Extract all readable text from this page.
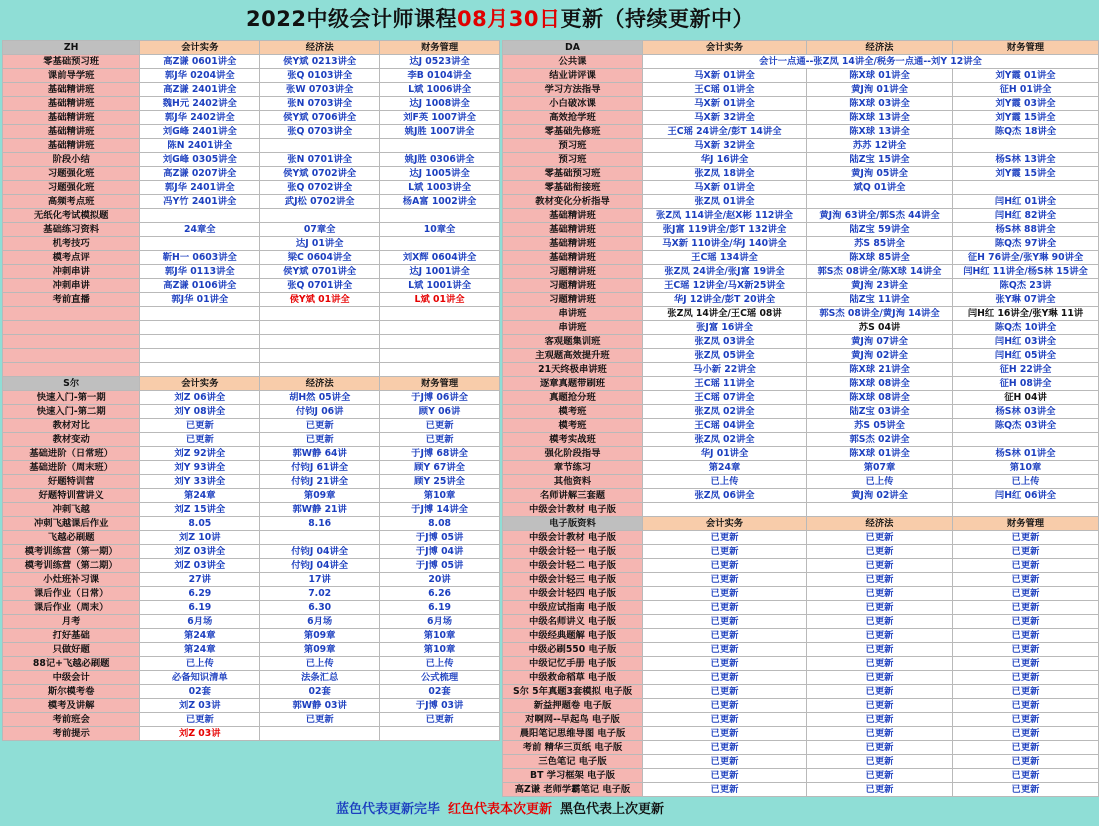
2022中级会计师课程08月30日更新（持续更新中）
ZH	会计实务	经济法	财务管理
零基础预习班	高Z谦 0601讲全	侯Y斌 0213讲全	达J 0523讲全
课前导学班	郭J华 0204讲全	张Q 0103讲全	李B 0104讲全
基础精讲班	高Z谦 2401讲全	张W 0703讲全	L斌 1006讲全
基础精讲班	魏H元 2402讲全	张N 0703讲全	达J 1008讲全
基础精讲班	郭J华 2402讲全	侯Y斌 0706讲全	刘F英 1007讲全
基础精讲班	刘G峰 2401讲全	张Q 0703讲全	姚J胜 1007讲全
基础精讲班	陈N 2401讲全		
阶段小结	刘G峰 0305讲全	张N 0701讲全	姚J胜 0306讲全
习题强化班	高Z谦 0207讲全	侯Y斌 0702讲全	达J 1005讲全
习题强化班	郭J华 2401讲全	张Q 0702讲全	L斌 1003讲全
高频考点班	冯Y竹 2401讲全	武J松 0702讲全	杨A富 1002讲全
无纸化考试模拟题			
基础练习资料	24章全	07章全	10章全
机考技巧		达J 01讲全	
模考点评	靳H一 0603讲全	梁C 0604讲全	刘X辉 0604讲全
冲刺串讲	郭J华 0113讲全	侯Y斌 0701讲全	达J 1001讲全
冲刺串讲	高Z谦 0106讲全	张Q 0701讲全	L斌 1001讲全
考前直播	郭J华 01讲全	侯Y斌 01讲全	L斌 01讲全

S尔	会计实务	经济法	财务管理
快速入门-第一期	刘Z 06讲全	胡H然 05讲全	于J博 06讲全
快速入门-第二期	刘Y 08讲全	付钧J 06讲	顾Y 06讲
教材对比	已更新	已更新	已更新
教材变动	已更新	已更新	已更新
基础进阶（日常班）	刘Z 92讲全	郭W静 64讲	于J博 68讲全
基础进阶（周末班）	刘Y 93讲全	付钧J 61讲全	顾Y 67讲全
好题特训营	刘Y 33讲全	付钧J 21讲全	顾Y 25讲全
好题特训营讲义	第24章	第09章	第10章
冲刺飞越	刘Z 15讲全	郭W静 21讲	于J博 14讲全
冲刺飞越课后作业	8.05	8.16	8.08
飞越必刷题	刘Z 10讲		于J博 05讲
模考训练营（第一期）	刘Z 03讲全	付钧J 04讲全	于J博 04讲
模考训练营（第二期）	刘Z 03讲全	付钧J 04讲全	于J博 05讲
小灶班补习课	27讲	17讲	20讲
课后作业（日常）	6.29	7.02	6.26
课后作业（周末）	6.19	6.30	6.19
月考	6月场	6月场	6月场
打好基础	第24章	第09章	第10章
只做好题	第24章	第09章	第10章
88记+飞越必刷题	已上传	已上传	已上传
中级会计	必备知识清单	法条汇总	公式梳理
斯尔模考卷	02套	02套	02套
模考及讲解	刘Z 03讲	郭W静 03讲	于J博 03讲
考前班会	已更新	已更新	已更新
考前提示	刘Z 03讲		
DA	会计实务	经济法	财务管理
公共课	会计一点通--张Z凤 14讲全/税务一点通--刘Y 12讲全		
结业讲评课	马X新 01讲全	陈X球 01讲全	刘Y霞 01讲全
学习方法指导	王C瑶 01讲全	黄J洵 01讲全	征H 01讲全
小白破冰课	马X新 01讲全	陈X球 03讲全	刘Y霞 03讲全
高效抢学班	马X新 32讲全	陈X球 13讲全	刘Y霞 15讲全
零基础先修班	王C瑶 24讲全/彭T 14讲全	陈X球 13讲全	陈Q杰 18讲全
预习班	马X新 32讲全	苏苏 12讲全	
预习班	华J 16讲全	陆Z宝 15讲全	杨S林 13讲全
零基础预习班	张Z凤 18讲全	黄J洵 05讲全	刘Y霞 15讲全
零基础衔接班	马X新 01讲全	斌Q 01讲全	
教材变化分析指导	张Z凤 01讲全		闫H红 01讲全
基础精讲班	张Z凤 114讲全/赵X彬 112讲全	黄J洵 63讲全/郭S杰 44讲全	闫H红 82讲全
基础精讲班	张J富 119讲全/彭T 132讲全	陆Z宝 59讲全	杨S林 88讲全
基础精讲班	马X新 110讲全/华J 140讲全	苏S 85讲全	陈Q杰 97讲全
基础精讲班	王C瑶 134讲全	陈X球 85讲全	征H 76讲全/张Y琳 90讲全
习题精讲班	张Z凤 24讲全/张J富 19讲全	郭S杰 08讲全/陈X球 14讲全	闫H红 11讲全/杨S林 15讲全
习题精讲班	王C瑶 12讲全/马X新25讲全	黄J洵 23讲全	陈Q杰 23讲
习题精讲班	华J 12讲全/彭T 20讲全	陆Z宝 11讲全	张Y琳 07讲全
串讲班	张Z凤 14讲全/王C瑶 08讲	郭S杰 08讲全/黄J洵 14讲全	闫H红 16讲全/张Y琳 11讲
串讲班	张J富 16讲全	苏S 04讲	陈Q杰 10讲全
客观题集训班	张Z凤 03讲全	黄J洵 07讲全	闫H红 03讲全
主观题高效提升班	张Z凤 05讲全	黄J洵 02讲全	闫H红 05讲全
21天终极串讲班	马小新 22讲全	陈X球 21讲全	征H 22讲全
逐章真题带刷班	王C瑶 11讲全	陈X球 08讲全	征H 08讲全
真题抢分班	王C瑶 07讲全	陈X球 08讲全	征H 04讲
模考班	张Z凤 02讲全	陆Z宝 03讲全	杨S林 03讲全
模考班	王C瑶 04讲全	苏S 05讲全	陈Q杰 03讲全
模考实战班	张Z凤 02讲全	郭S杰 02讲全	
强化阶段指导	华J 01讲全	陈X球 01讲全	杨S林 01讲全
章节练习	第24章	第07章	第10章
其他资料	已上传	已上传	已上传
名师讲解三套题	张Z凤 06讲全	黄J洵 02讲全	闫H红 06讲全
中级会计教材 电子版			
电子版资料	会计实务	经济法	财务管理
中级会计教材 电子版	已更新	已更新	已更新
中级会计轻一 电子版	已更新	已更新	已更新
中级会计轻二 电子版	已更新	已更新	已更新
中级会计轻三 电子版	已更新	已更新	已更新
中级会计轻四 电子版	已更新	已更新	已更新
中级应试指南 电子版	已更新	已更新	已更新
中级名师讲义 电子版	已更新	已更新	已更新
中级经典题解 电子版	已更新	已更新	已更新
中级必刷550 电子版	已更新	已更新	已更新
中级记忆手册 电子版	已更新	已更新	已更新
中级救命稻草 电子版	已更新	已更新	已更新
S尔 5年真题3套模拟 电子版	已更新	已更新	已更新
新益押题卷 电子版	已更新	已更新	已更新
对啊网--早起鸟 电子版	已更新	已更新	已更新
晨阳笔记思维导图 电子版	已更新	已更新	已更新
考前 精华三页纸 电子版	已更新	已更新	已更新
三色笔记 电子版	已更新	已更新	已更新
BT 学习框架 电子版	已更新	已更新	已更新
高Z谦 老师学霸笔记 电子版	已更新	已更新	已更新
蓝色代表更新完毕 红色代表本次更新 黑色代表上次更新
